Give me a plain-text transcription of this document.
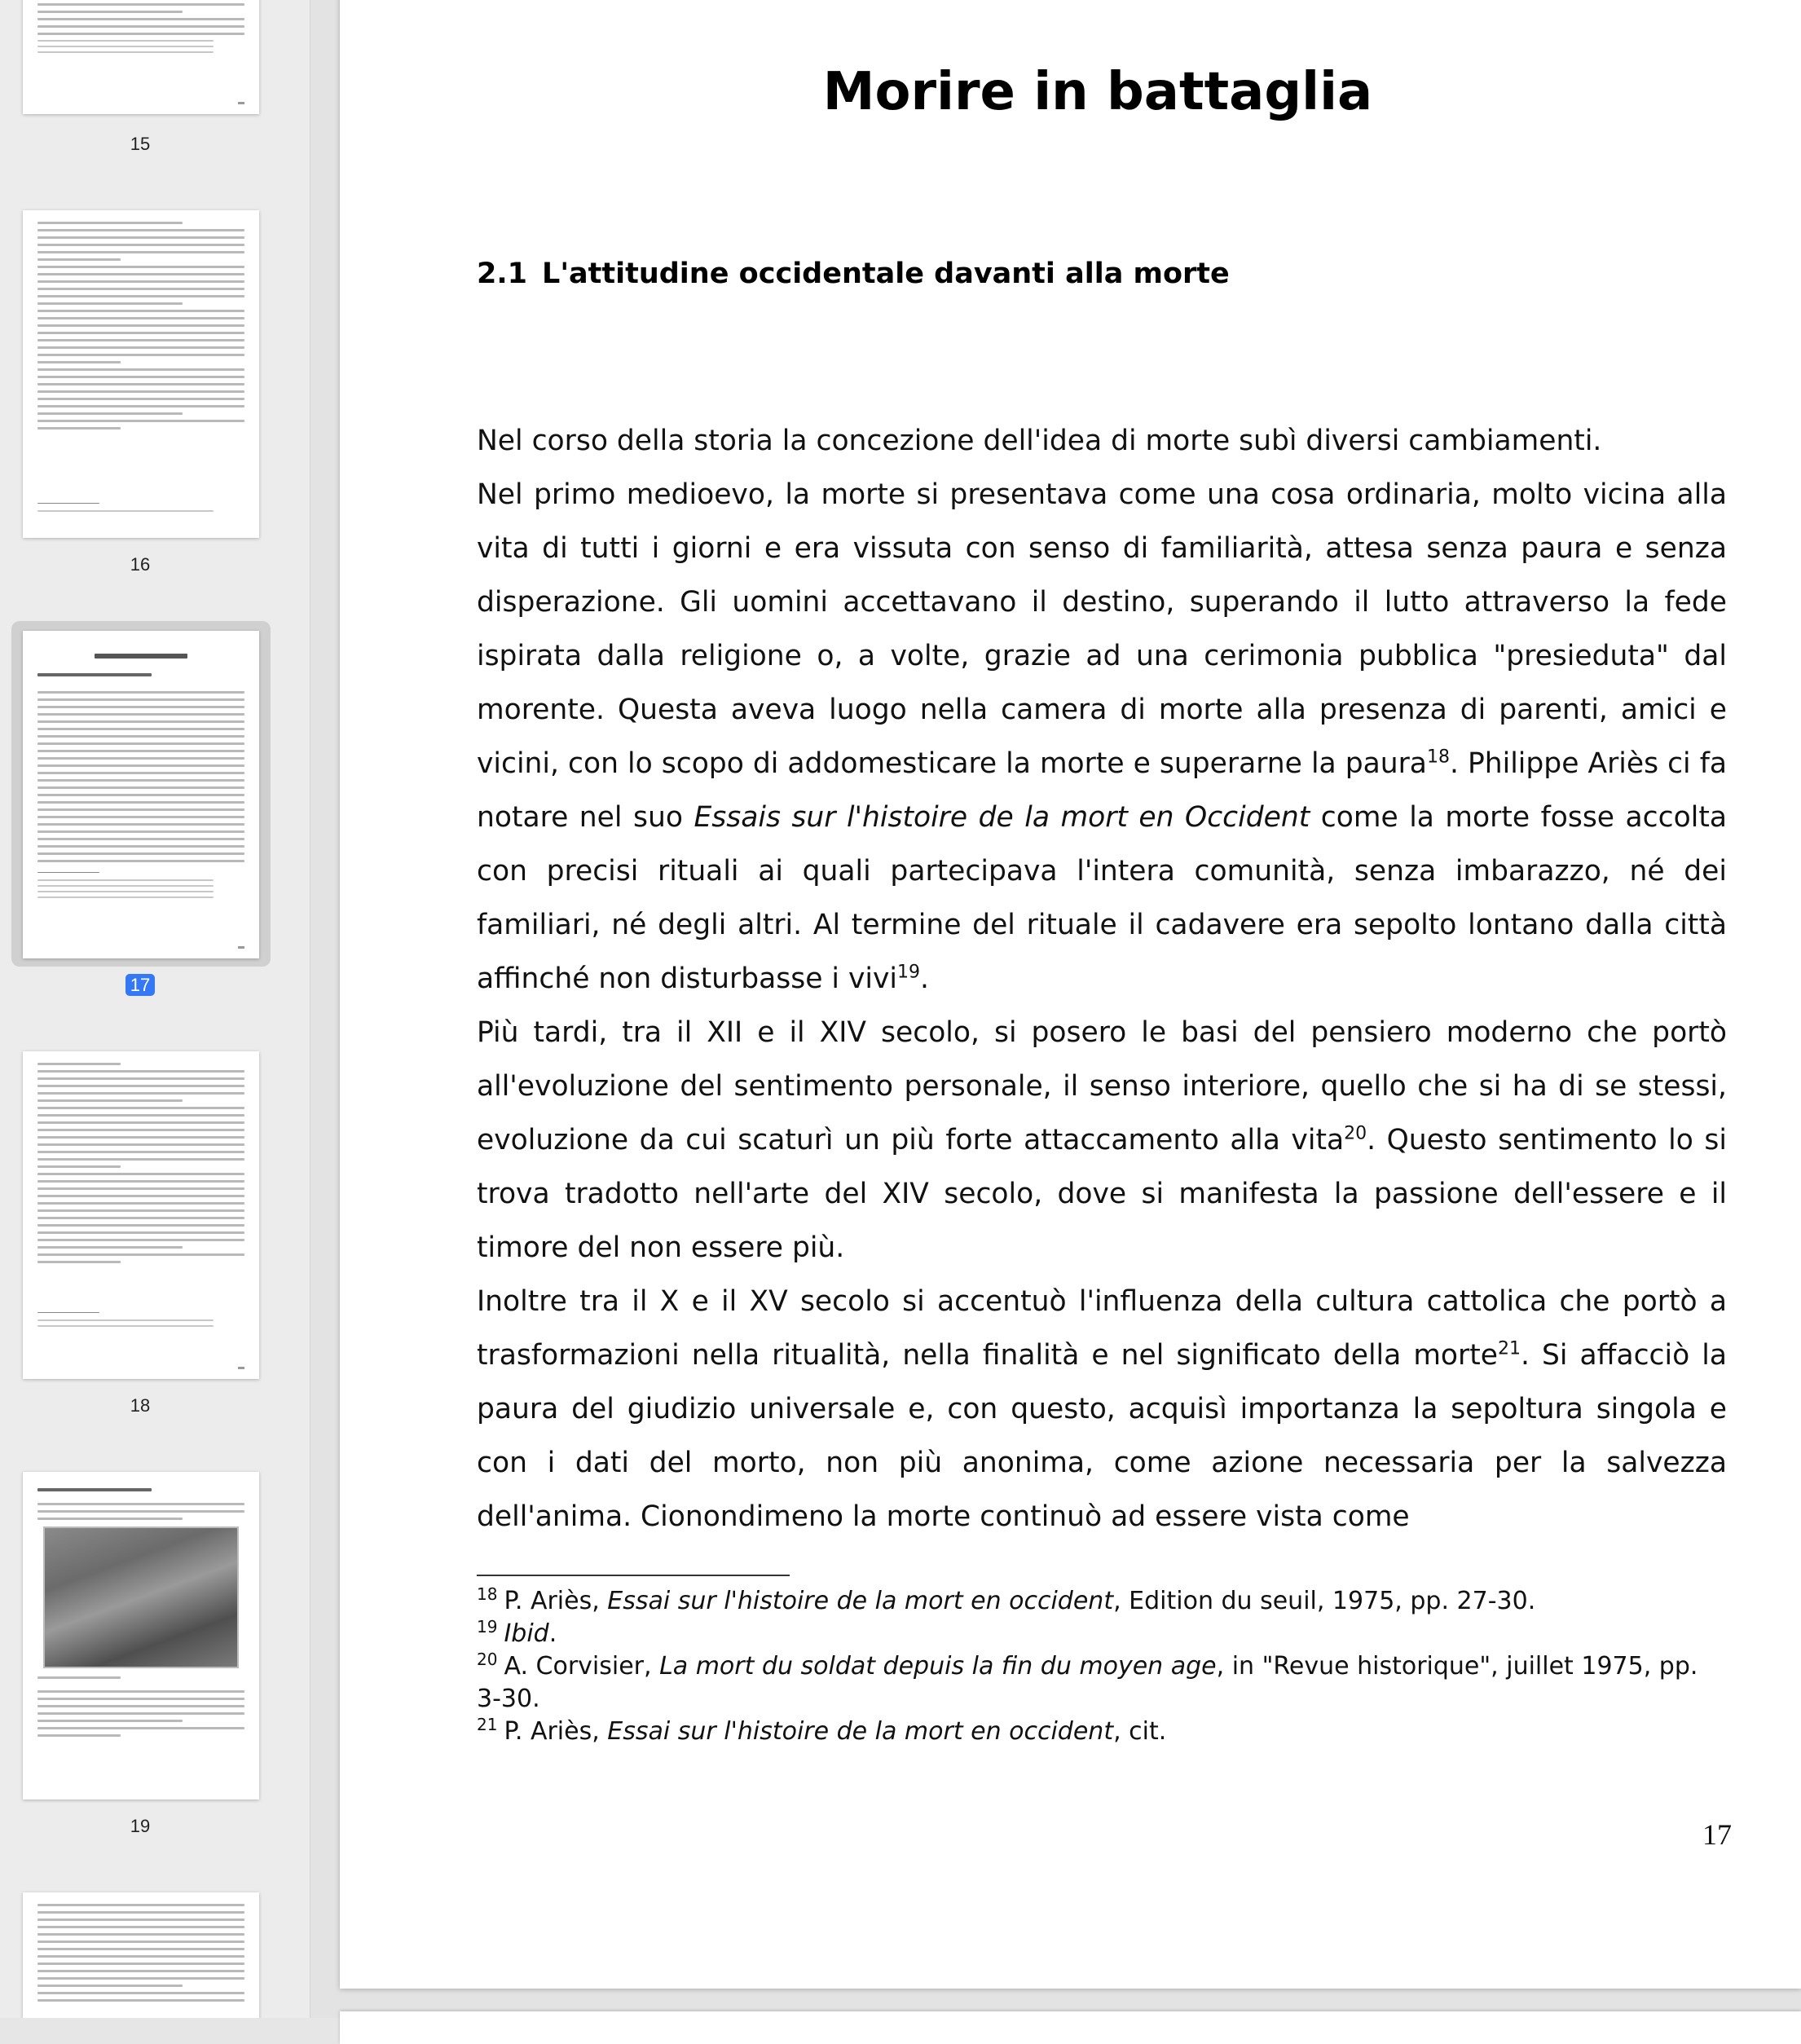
15
16
17
18
19
Morire in battaglia
2.1 L'attitudine occidentale davanti alla morte

Nel corso della storia la concezione dell'idea di morte subì diversi cambiamenti.

Nel primo medioevo, la morte si presentava come una cosa ordinaria, molto vicina alla vita di tutti i giorni e era vissuta con senso di familiarità, attesa senza paura e senza disperazione. Gli uomini accettavano il destino, superando il lutto attraverso la fede ispirata dalla religione o, a volte, grazie ad una cerimonia pubblica "presieduta" dal morente. Questa aveva luogo nella camera di morte alla presenza di parenti, amici e vicini, con lo scopo di addomesticare la morte e superarne la paura$^{18}$. Philippe Ariès ci fa notare nel suo Essais sur l'histoire de la mort en Occident come la morte fosse accolta con precisi rituali ai quali partecipava l'intera comunità, senza imbarazzo, né dei familiari, né degli altri. Al termine del rituale il cadavere era sepolto lontano dalla città affinché non disturbasse i vivi$^{19}$.

Più tardi, tra il XII e il XIV secolo, si posero le basi del pensiero moderno che portò all'evoluzione del sentimento personale, il senso interiore, quello che si ha di se stessi, evoluzione da cui scaturì un più forte attaccamento alla vita$^{20}$. Questo sentimento lo si trova tradotto nell'arte del XIV secolo, dove si manifesta la passione dell'essere e il timore del non essere più.

Inoltre tra il X e il XV secolo si accentuò l'influenza della cultura cattolica che portò a trasformazioni nella ritualità, nella finalità e nel significato della morte$^{21}$. Si affacciò la paura del giudizio universale e, con questo, acquisì importanza la sepoltura singola e con i dati del morto, non più anonima, come azione necessaria per la salvezza dell'anima. Cionondimeno la morte continuò ad essere vista come

$^{18}$ P. Ariès, Essai sur l'histoire de la mort en occident, Edition du seuil, 1975, pp. 27-30.

$^{19}$ Ibid.

$^{20}$ A. Corvisier, La mort du soldat depuis la fin du moyen age, in "Revue historique", juillet 1975, pp. 3-30.

$^{21}$ P. Ariès, Essai sur l'histoire de la mort en occident, cit.

17
